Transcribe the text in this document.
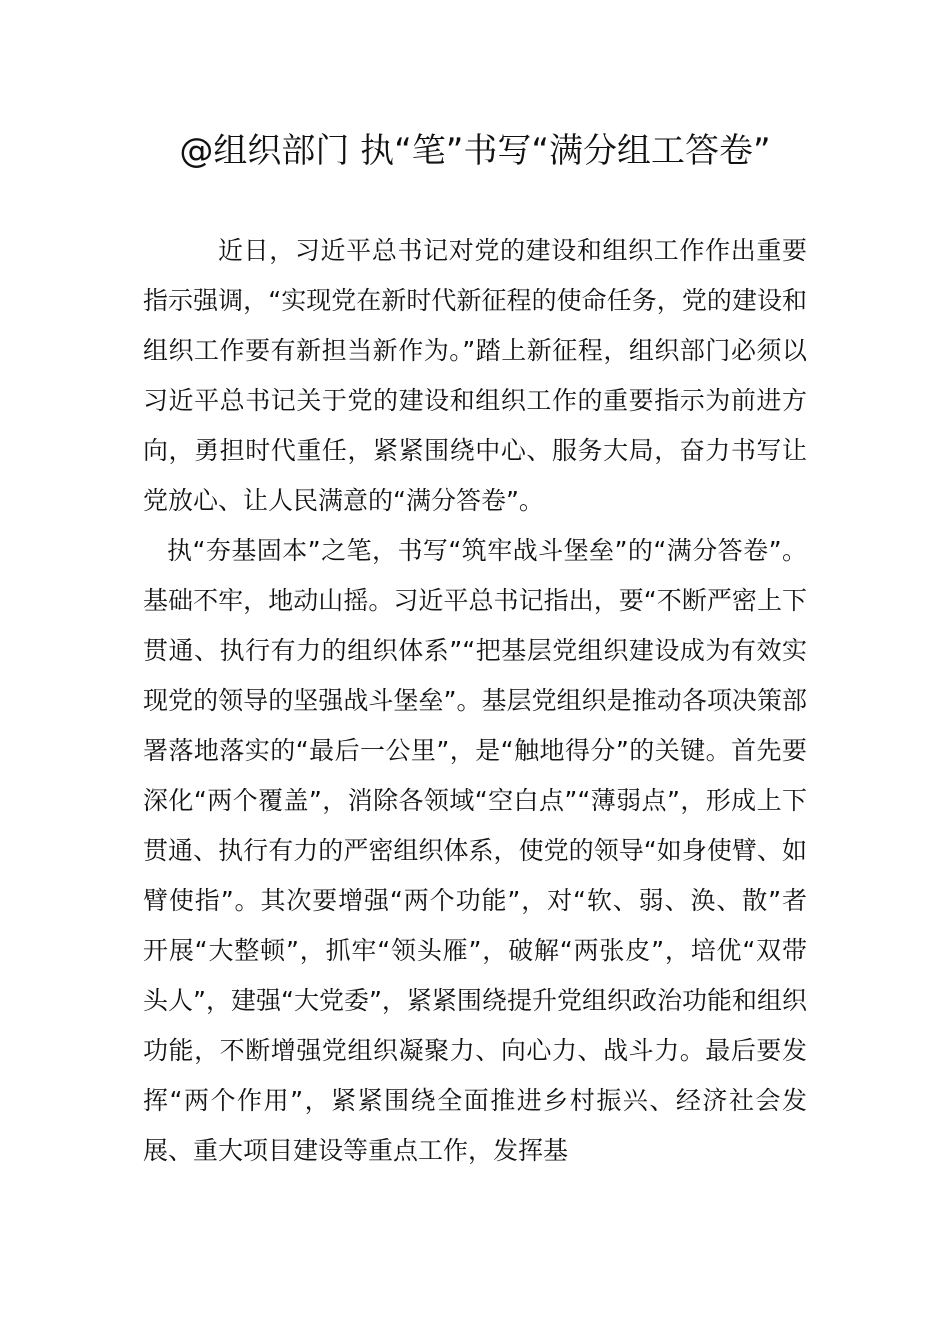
@组织部门 执“笔”书写“满分组工答卷”

近日，习近平总书记对党的建设和组织工作作出重要指示强调，“实现党在新时代新征程的使命任务，党的建设和组织工作要有新担当新作为。”踏上新征程，组织部门必须以习近平总书记关于党的建设和组织工作的重要指示为前进方向，勇担时代重任，紧紧围绕中心、服务大局，奋力书写让党放心、让人民满意的“满分答卷”。

执“夯基固本”之笔，书写“筑牢战斗堡垒”的“满分答卷”。基础不牢，地动山摇。习近平总书记指出，要“不断严密上下贯通、执行有力的组织体系”“把基层党组织建设成为有效实现党的领导的坚强战斗堡垒”。基层党组织是推动各项决策部署落地落实的“最后一公里”，是“触地得分”的关键。首先要深化“两个覆盖”，消除各领域“空白点”“薄弱点”，形成上下贯通、执行有力的严密组织体系，使党的领导“如身使臂、如臂使指”。其次要增强“两个功能”，对“软、弱、涣、散”者开展“大整顿”，抓牢“领头雁”，破解“两张皮”，培优“双带头人”，建强“大党委”，紧紧围绕提升党组织政治功能和组织功能，不断增强党组织凝聚力、向心力、战斗力。最后要发挥“两个作用”，紧紧围绕全面推进乡村振兴、经济社会发展、重大项目建设等重点工作，发挥基
